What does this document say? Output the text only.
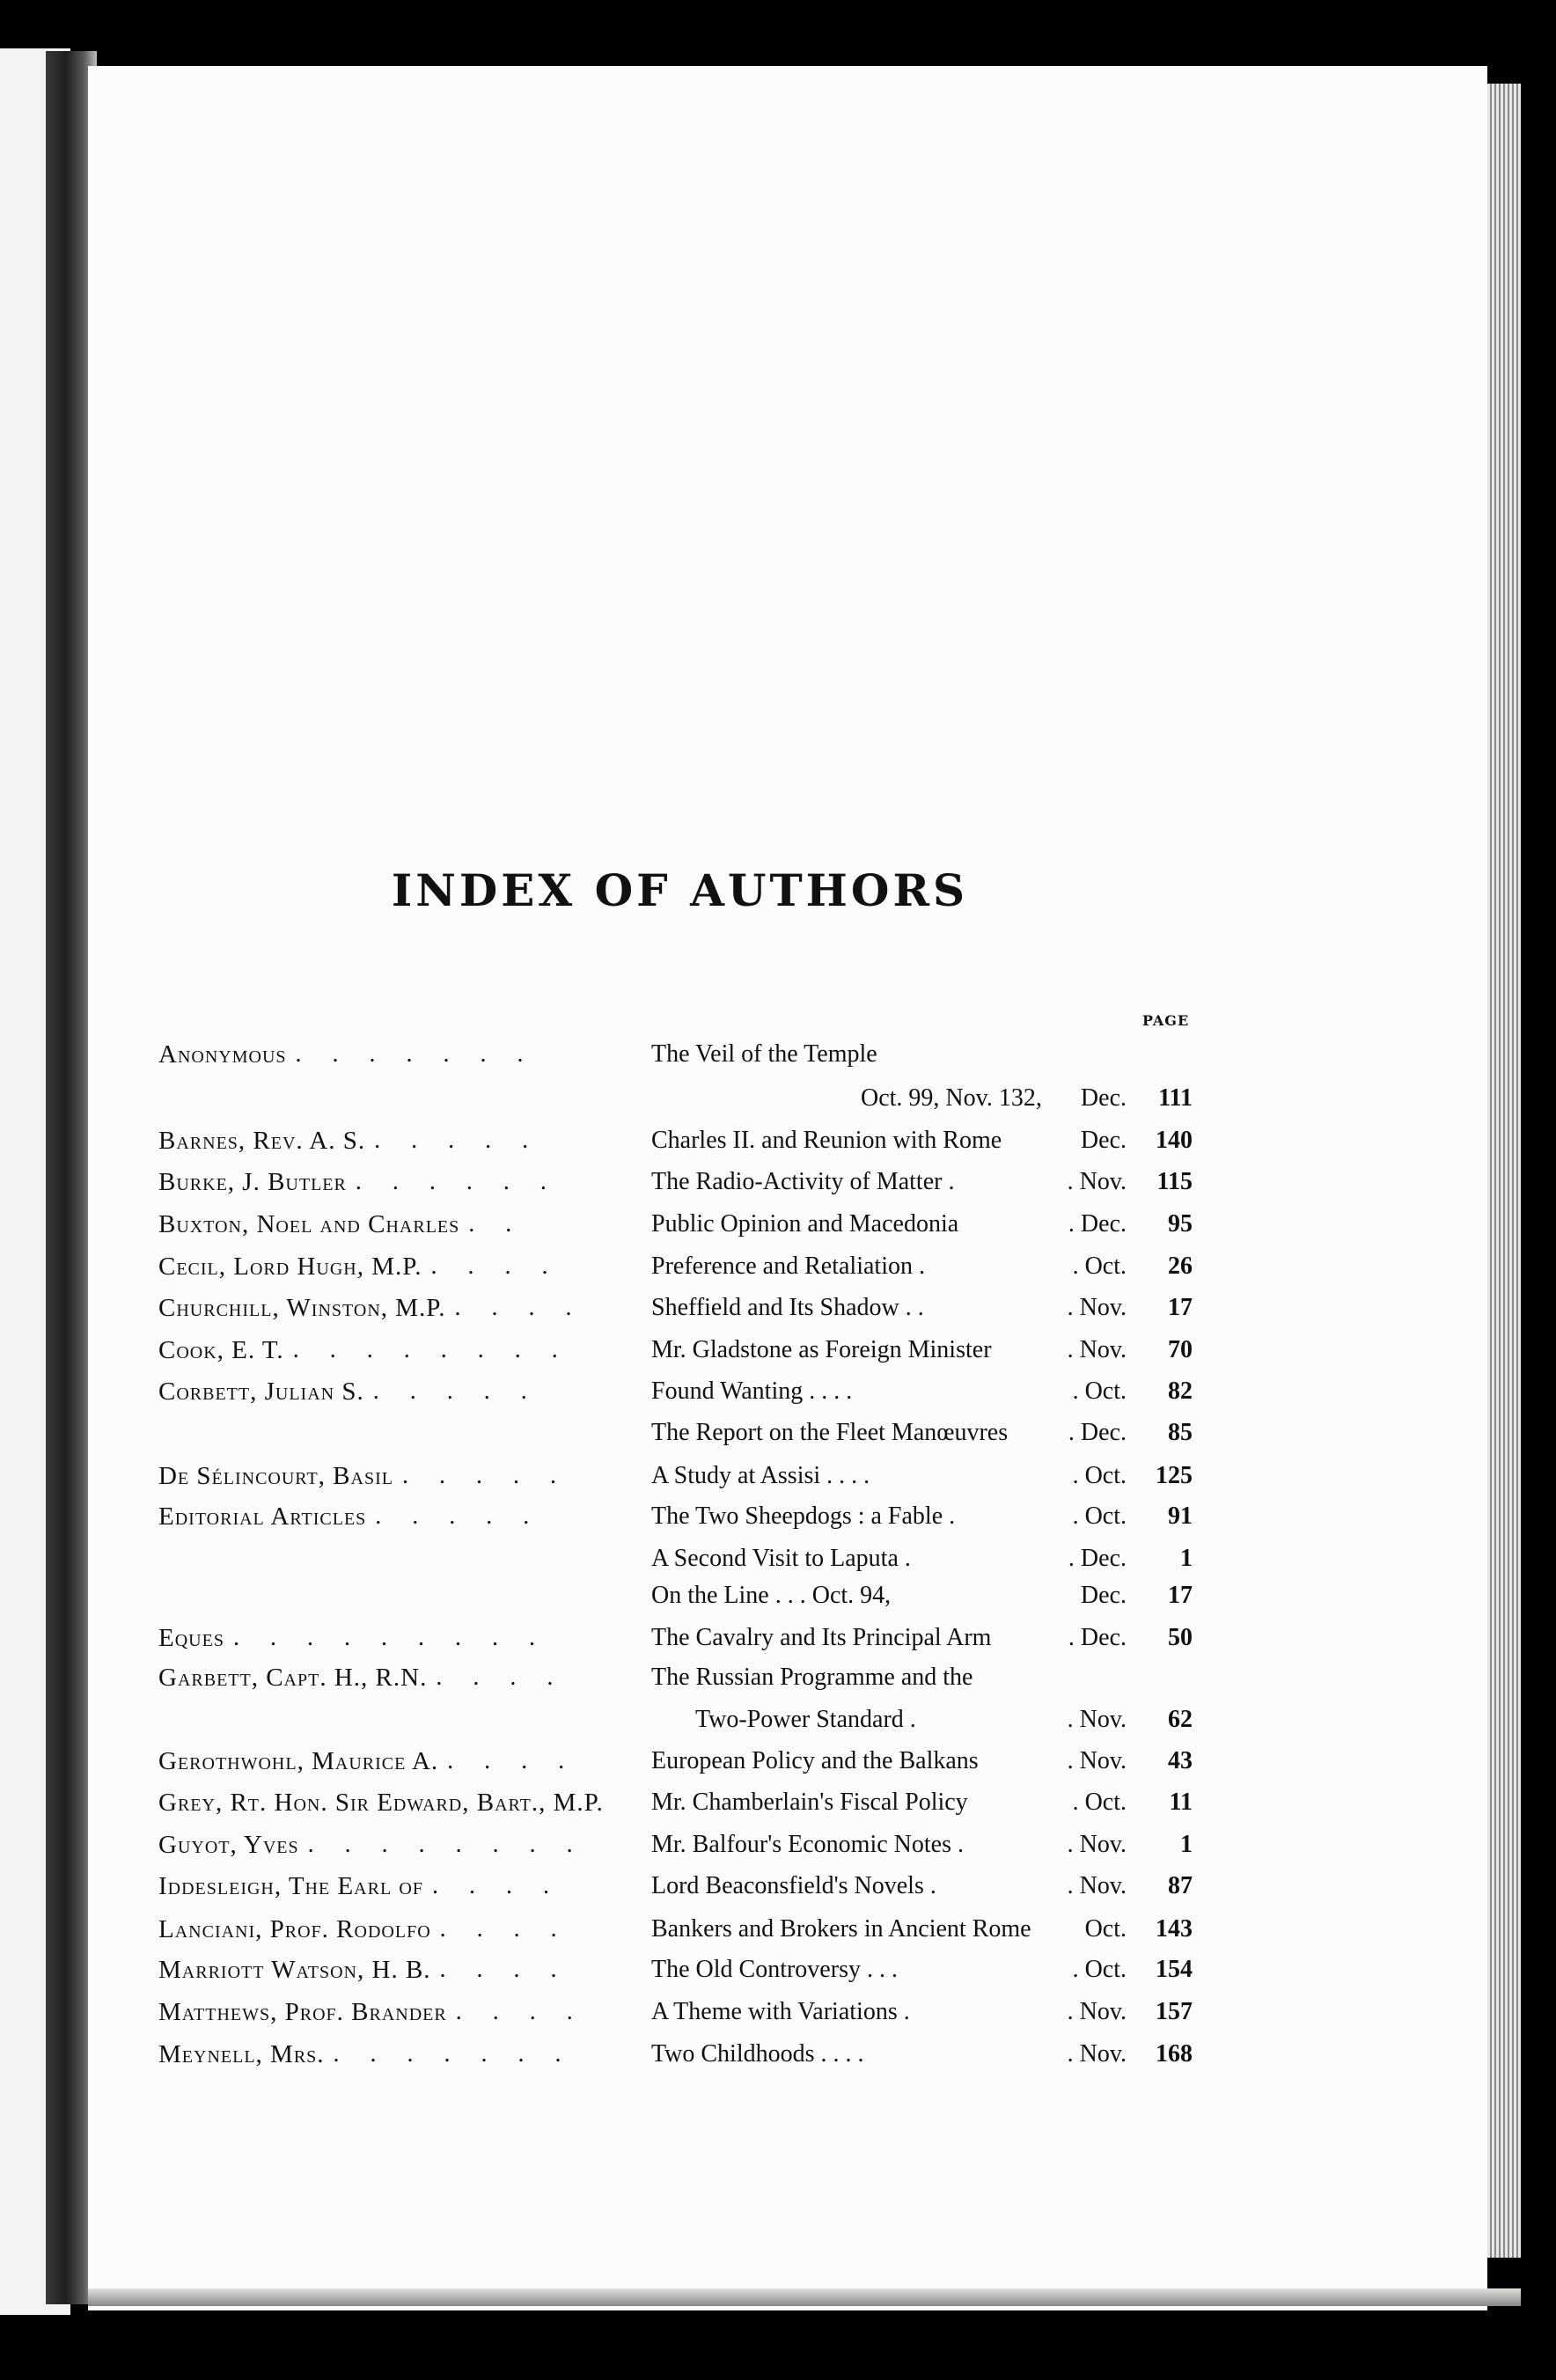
INDEX OF AUTHORS
PAGE
Anonymous . . . . . . .	The Veil of the Temple
Oct. 99, Nov. 132,	Dec.	111
Barnes, Rev. A. S. . . . . .	Charles II. and Reunion with Rome	Dec.	140
Burke, J. Butler . . . . . .	The Radio-Activity of Matter .	. Nov.	115
Buxton, Noel and Charles . .	Public Opinion and Macedonia	. Dec.	95
Cecil, Lord Hugh, M.P. . . . .	Preference and Retaliation .	. Oct.	26
Churchill, Winston, M.P. . . . .	Sheffield and Its Shadow . .	. Nov.	17
Cook, E. T. . . . . . . . .	Mr. Gladstone as Foreign Minister	. Nov.	70
Corbett, Julian S. . . . . .	Found Wanting . . . .	. Oct.	82
The Report on the Fleet Manœuvres	. Dec.	85
De Sélincourt, Basil . . . . .	A Study at Assisi . . . .	. Oct.	125
Editorial Articles . . . . .	The Two Sheepdogs : a Fable .	. Oct.	91
A Second Visit to Laputa .	. Dec.	1
On the Line . . . Oct. 94,	Dec.	17
Eques . . . . . . . . .	The Cavalry and Its Principal Arm	. Dec.	50
Garbett, Capt. H., R.N. . . . .	The Russian Programme and the
Two-Power Standard .	. Nov.	62
Gerothwohl, Maurice A. . . . .	European Policy and the Balkans	. Nov.	43
Grey, Rt. Hon. Sir Edward, Bart., M.P.	Mr. Chamberlain's Fiscal Policy	. Oct.	11
Guyot, Yves . . . . . . . .	Mr. Balfour's Economic Notes .	. Nov.	1
Iddesleigh, The Earl of . . . .	Lord Beaconsfield's Novels .	. Nov.	87
Lanciani, Prof. Rodolfo . . . .	Bankers and Brokers in Ancient Rome	Oct.	143
Marriott Watson, H. B. . . . .	The Old Controversy . . .	. Oct.	154
Matthews, Prof. Brander . . . .	A Theme with Variations .	. Nov.	157
Meynell, Mrs. . . . . . . .	Two Childhoods . . . .	. Nov.	168
